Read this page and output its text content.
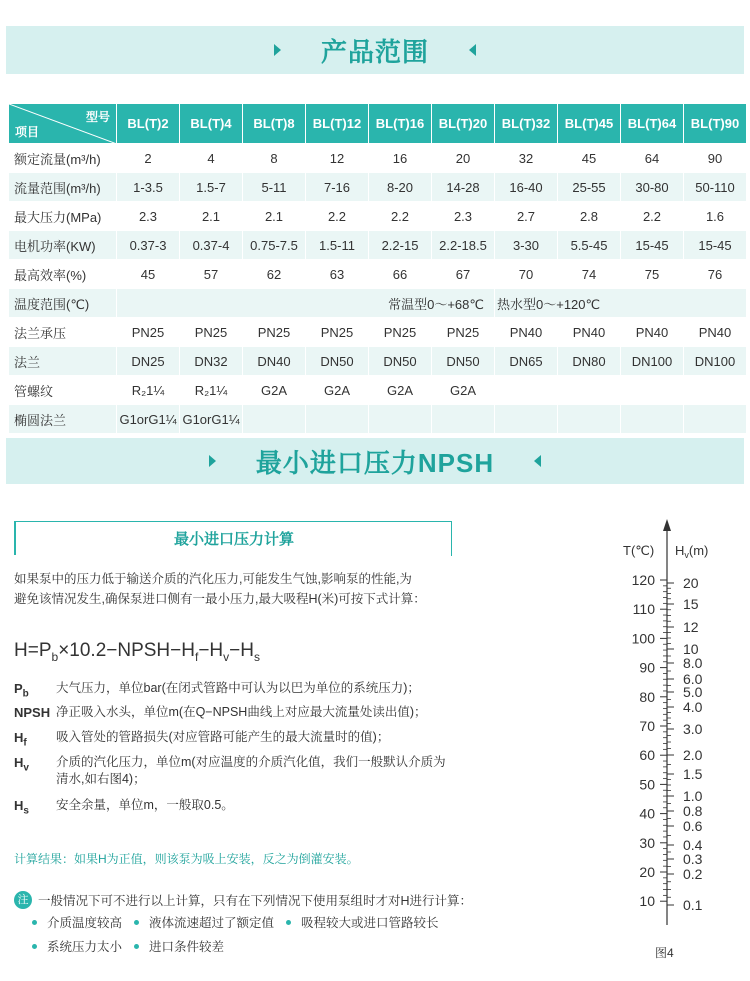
产品范围
型号
项目	BL(T)2	BL(T)4	BL(T)8	BL(T)12	BL(T)16	BL(T)20	BL(T)32	BL(T)45	BL(T)64	BL(T)90
额定流量(m³/h)	2	4	8	12	16	20	32	45	64	90
流量范围(m³/h)	1-3.5	1.5-7	5-11	7-16	8-20	14-28	16-40	25-55	30-80	50-110
最大压力(MPa)	2.3	2.1	2.1	2.2	2.2	2.3	2.7	2.8	2.2	1.6
电机功率(KW)	0.37-3	0.37-4	0.75-7.5	1.5-11	2.2-15	2.2-18.5	3-30	5.5-45	15-45	15-45
最高效率(%)	45	57	62	63	66	67	70	74	75	76
温度范围(℃)	常温型0～+68℃						热水型0～+120℃			
法兰承压	PN25	PN25	PN25	PN25	PN25	PN25	PN40	PN40	PN40	PN40
法兰	DN25	DN32	DN40	DN50	DN50	DN50	DN65	DN80	DN100	DN100
管螺纹	R₂1¼	R₂1¼	G2A	G2A	G2A	G2A				
椭圆法兰	G1orG1¼	G1orG1¼								
最小进口压力NPSH
最小进口压力计算
如果泵中的压力低于输送介质的汽化压力,可能发生气蚀,影响泵的性能,为
避免该情况发生,确保泵进口侧有一最小压力,最大吸程H(米)可按下式计算：
$H=P_b\times 10.2-NPSH-H_f-H_v-H_s$
$P_b$ 大气压力，单位bar(在闭式管路中可认为以巴为单位的系统压力)；
NPSH 净正吸入水头，单位m(在Q−NPSH曲线上对应最大流量处读出值)；
$H_f$ 吸入管处的管路损失(对应管路可能产生的最大流量时的值)；
$H_v$ 介质的汽化压力，单位m(对应温度的介质汽化值，我们一般默认介质为
清水,如右图4)；
$H_s$ 安全余量，单位m，一般取0.5。
计算结果：如果H为正值，则该泵为吸上安装，反之为倒灌安装。
注 一般情况下可不进行以上计算，只有在下列情况下使用泵组时才对H进行计算：
介质温度较高 液体流速超过了额定值 吸程较大或进口管路较长
系统压力太小 进口条件较差
T(℃) $H_v(m)$
120
110
100
90
80
70
60
50
40
30
20
10
20
15
12
10
8.0
6.0
5.0
4.0
3.0
2.0
1.5
1.0
0.8
0.6
0.4
0.3
0.2
0.1
图4
